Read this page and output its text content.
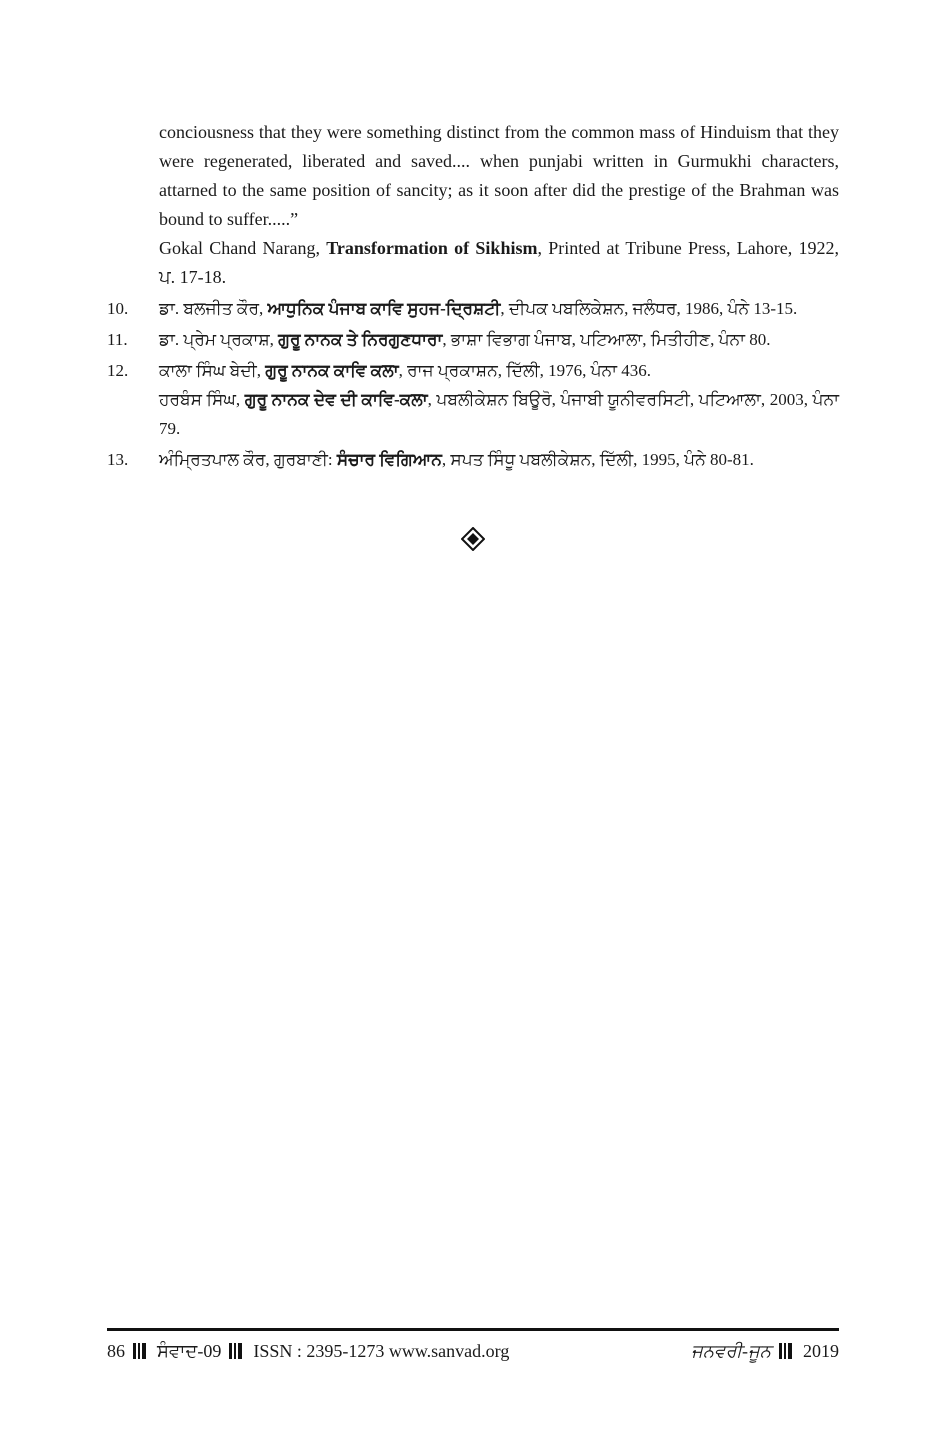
conciousness that they were something distinct from the common mass of Hinduism that they were regenerated, liberated and saved.... when punjabi written in Gurmukhi characters, attarned to the same position of sancity; as it soon after did the prestige of the Brahman was bound to suffer.....”
Gokal Chand Narang, Transformation of Sikhism, Printed at Tribune Press, Lahore, 1922, ਪ. 17-18.
10.	ਡਾ. ਬਲਜੀਤ ਕੌਰ, ਆਧੁਨਿਕ ਪੰਜਾਬ ਕਾਵਿ ਸੁਹਜ-ਦ੍ਰਿਸ਼ਟੀ, ਦੀਪਕ ਪਬਲਿਕੇਸ਼ਨ, ਜਲੰਧਰ, 1986, ਪੰਨੇ 13-15.
11.	ਡਾ. ਪ੍ਰੇਮ ਪ੍ਰਕਾਸ਼, ਗੁਰੂ ਨਾਨਕ ਤੇ ਨਿਰਗੁਣਧਾਰਾ, ਭਾਸ਼ਾ ਵਿਭਾਗ ਪੰਜਾਬ, ਪਟਿਆਲਾ, ਮਿਤੀਹੀਣ, ਪੰਨਾ 80.
12.	ਕਾਲਾ ਸਿੰਘ ਬੇਦੀ, ਗੁਰੂ ਨਾਨਕ ਕਾਵਿ ਕਲਾ, ਰਾਜ ਪ੍ਰਕਾਸ਼ਨ, ਦਿੱਲੀ, 1976, ਪੰਨਾ 436.
ਹਰਬੰਸ ਸਿੰਘ, ਗੁਰੂ ਨਾਨਕ ਦੇਵ ਦੀ ਕਾਵਿ-ਕਲਾ, ਪਬਲੀਕੇਸ਼ਨ ਬਿਊਰੋ, ਪੰਜਾਬੀ ਯੂਨੀਵਰਸਿਟੀ, ਪਟਿਆਲਾ, 2003, ਪੰਨਾ 79.
13.	ਅੰਮ੍ਰਿਤਪਾਲ ਕੌਰ, ਗੁਰਬਾਣੀ: ਸੰਚਾਰ ਵਿਗਿਆਨ, ਸਪਤ ਸਿੰਧੂ ਪਬਲੀਕੇਸ਼ਨ, ਦਿੱਲੀ, 1995, ਪੰਨੇ 80-81.
86 ਸੰਵਾਦ-09 ISSN : 2395-1273 www.sanvad.org	ਜਨਵਰੀ-ਜੂਨ 2019
